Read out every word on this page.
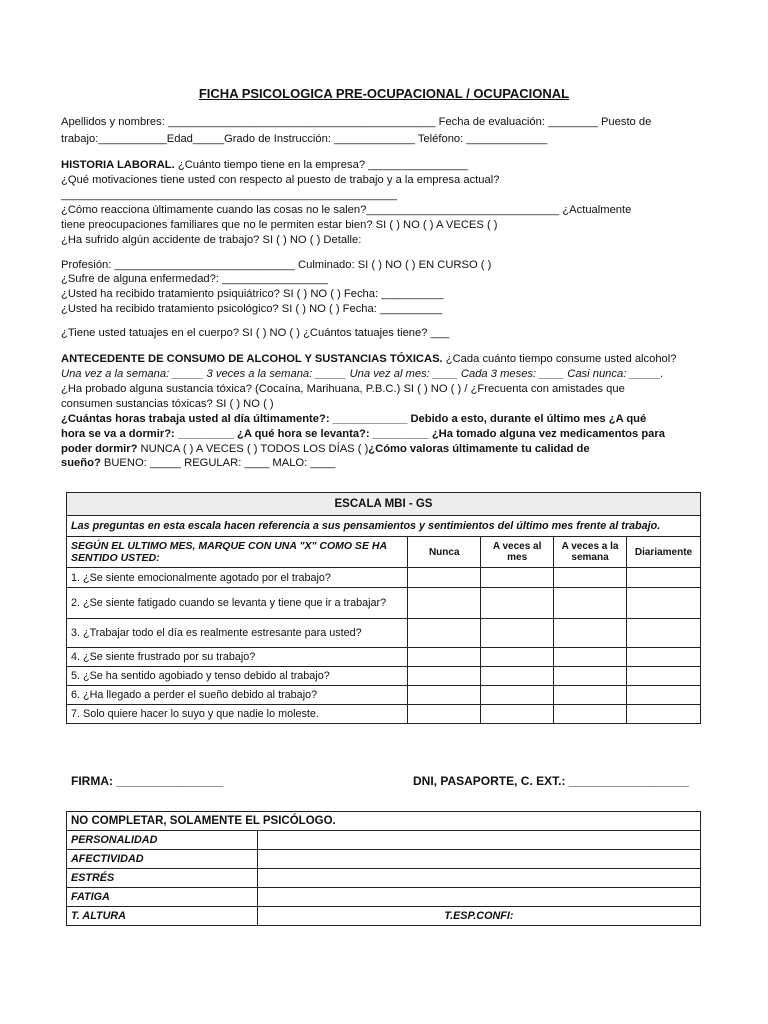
FICHA PSICOLOGICA PRE-OCUPACIONAL / OCUPACIONAL
Apellidos y nombres: ___________________________________________ Fecha de evaluación: ________ Puesto de
trabajo:___________Edad_____Grado de Instrucción: _____________ Teléfono: _____________
HISTORIA LABORAL. ¿Cuánto tiempo tiene en la empresa? ________________
¿Qué motivaciones tiene usted con respecto al puesto de trabajo y a la empresa actual?
______________________________________________________
¿Cómo reacciona últimamente cuando las cosas no le salen?_______________________________ ¿Actualmente
tiene preocupaciones familiares que no le permiten estar bien? SI ( ) NO ( ) A VECES ( )
¿Ha sufrido algún accidente de trabajo? SI ( ) NO ( ) Detalle:
Profesión: _____________________________ Culminado: SI ( ) NO ( ) EN CURSO ( )
¿Sufre de alguna enfermedad?: _________________
¿Usted ha recibido tratamiento psiquiátrico? SI ( ) NO ( ) Fecha: __________
¿Usted ha recibido tratamiento psicológico? SI ( ) NO ( ) Fecha: __________
¿Tiene usted tatuajes en el cuerpo? SI ( ) NO ( ) ¿Cuántos tatuajes tiene? ___
ANTECEDENTE DE CONSUMO DE ALCOHOL Y SUSTANCIAS TÓXICAS. ¿Cada cuánto tiempo consume usted alcohol?
Una vez a la semana: _____ 3 veces a la semana: _____ Una vez al mes: ____ Cada 3 meses: ____ Casi nunca: _____.
¿Ha probado alguna sustancia tóxica? (Cocaína, Marihuana, P.B.C.) SI ( ) NO ( ) / ¿Frecuenta con amistades que
consumen sustancias tóxicas? SI ( ) NO ( )
¿Cuántas horas trabaja usted al día últimamente?: ____________ Debido a esto, durante el último mes ¿A qué
hora se va a dormir?: _________ ¿A qué hora se levanta?: _________ ¿Ha tomado alguna vez medicamentos para
poder dormir? NUNCA ( ) A VECES ( ) TODOS LOS DÍAS ( )¿Cómo valoras últimamente tu calidad de
sueño? BUENO: _____ REGULAR: ____ MALO: ____
ESCALA MBI - GS				
Las preguntas en esta escala hacen referencia a sus pensamientos y sentimientos del último mes frente al trabajo.				
SEGÚN EL ULTIMO MES, MARQUE CON UNA "X" COMO SE HA SENTIDO USTED:	Nunca	A veces al mes	A veces a la semana	Diariamente
1. ¿Se siente emocionalmente agotado por el trabajo?				
2. ¿Se siente fatigado cuando se levanta y tiene que ir a trabajar?				
3. ¿Trabajar todo el día es realmente estresante para usted?				
4. ¿Se siente frustrado por su trabajo?				
5. ¿Se ha sentido agobiado y tenso debido al trabajo?				
6. ¿Ha llegado a perder el sueño debido al trabajo?				
7. Solo quiere hacer lo suyo y que nadie lo moleste.				
FIRMA: ________________	DNI, PASAPORTE, C. EXT.: __________________
NO COMPLETAR, SOLAMENTE EL PSICÓLOGO.	
PERSONALIDAD	
AFECTIVIDAD	
ESTRÉS	
FATIGA	
T. ALTURA	T.ESP.CONFI:
